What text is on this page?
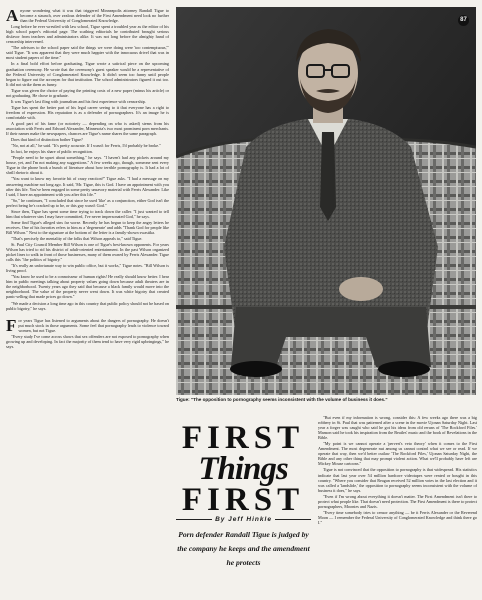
Anyone wondering what it was that triggered Minneapolis attorney Randall Tigue to become a staunch, over zealous defender of the First Amendment need look no further than the Federal University of Conglomerated Knowledge.

Long before he ever wrestled with law school, Tigue spent a troubled year as the editor of his high school paper's editorial page. The scathing editorials he contributed brought serious disfavor from teachers and administrators alike. It was not long before the almighty hand of censorship intervened.

"The advisors to the school paper said the things we were doing were 'too contemptuous,'" said Tigue. "It was apparent that they were much happier with the innocuous drivel that was in most student papers of the time."

In a final bold effort before graduating, Tigue wrote a satirical piece on the upcoming graduation ceremony. He wrote that the ceremony's guest speaker would be a representative of the Federal University of Conglomerated Knowledge. It didn't seem too funny until people began to figure out the acronym for that institution. The school administrators figured it out too. It did not strike them as funny.

Tigue was given the choice of paying the printing costs of a new paper (minus his article) or not graduating. He chose to graduate.

It was Tigue's last fling with journalism and his first experience with censorship.

Tigue has spent the better part of his legal career seeing to it that everyone has a right to freedom of expression. His reputation is as a defender of pornographers. It's an image he is comfortable with.

A good part of his fame (or notoriety — depending on who is asked) stems from his association with Ferris and Edward Alexander, Minnesota's two most prominent porn merchants. If their names make the newspapers, chances are Tigue's name shares the same paragraph.

Does that kind of distinction bother Tigue?

"No, not at all," he said. "It's pretty accurate. If I wasn't for Ferris, I'd probably be broke."

In fact, he enjoys his share of public recognition.

"People need to be upset about something," he says. "I haven't had any pickets around my house, yet, and I'm not making any suggestions." A few weeks ago, though, someone sent every Tigue in the phone book a bunch of literature about how terrible pornography is. It had a lot of shrill rhetoric about it.

"You want to know my favorite bit of crazy reaction?" Tigue asks. "I had a message on my answering machine not long ago. It said, 'Mr. Tigue, this is God. I have an appointment with you after this life. You've been engaged in some pretty unsavory material with Ferris Alexander. Like I said, I have an appointment with you after this life.'"

"So," he continues, "I concluded that since he used 'like' as a conjunction, either God isn't the perfect being he's cracked up to be, or this guy wasn't God."

Since then, Tigue has spent some time trying to track down the caller. "I just wanted to tell him that whatever sins I may have committed, I've never impersonated God," he says.

Some find Tigue's alleged sins far worse. Recently he has begun to keep the angry letters he receives. One of his favorites refers to him as a 'degenerate' and adds "Thank God for people like Bill Wilson." Next to the signature at the bottom of the letter is a family-shown swastika.

"That's precisely the mentality of the folks that Wilson appeals to," said Tigue.

St. Paul City Council Member Bill Wilson is one of Tigue's best-known opponents. For years Wilson has tried to rid his district of adult-oriented entertainment. In the past Wilson organized picket lines to walk in front of those businesses, many of them owned by Ferris Alexander. Tigue calls this "the politics of bigotry."

"It's really an unfortunate way to win public office, but it works," Tigue notes. "Bill Wilson is living proof.

"You know he used to be a connoisseur of human rights! He really should know better. I hear him in public meetings talking about property values going down because adult theaters are in the neighborhood. Twenty years ago they said that because a black family would move into the neighborhood. The value of the property never went down. It was white bigotry that created panic-selling that made prices go down."

"We made a decision a long time ago in this country that public policy should not be based on public bigotry," he says.

For years Tigue has listened to arguments about the dangers of pornography. He doesn't put much stock in those arguments. Some feel that pornography leads to violence toward women, but not Tigue.

"Every study I've come across shows that sex offenders are not exposed to pornography when growing up and developing. In fact the majority of them tend to have very rigid upbringings," he says.

87
Tigue: "The opposition to pornography seems inconsistent with the volume of business it does."
FIRST
Things
FIRST
By Jeff Hinkle
Porn defender Randall Tigue is judged by the company he keeps and the amendment he protects

"But even if my information is wrong, consider this: A few weeks ago there was a big robbery in St. Paul that was patterned after a scene in the movie Ujonan Saturday Night. Last year a forger was caught who said he got his ideas from old reruns of 'The Rockford Files.' Manson said he took his inspiration from the Beatles' music and the book of Revelations in the Bible.

"My point is we cannot operate a 'pervert's veto theory' when it comes to the First Amendment. The most degenerate nut among us cannot control what we see or read. If we operate that way, then we'd better outlaw 'The Rockford Files,' Ujonan Saturday Night, the Bible and any other thing that may prompt violent action. What we'll probably have left are Mickey Mouse cartoons."

Tigue is not convinced that the opposition to pornography is that widespread. His statistics indicate that last year over 54 million hardcore videotapes were rented or bought in this country. "Where you consider that Reagan received 52 million votes in the last election and it was called a 'landslide,' the opposition to pornography seems inconsistent with the volume of business it does," he says.

"Even if I'm wrong about everything it doesn't matter. The First Amendment isn't there to protect what people like. That doesn't need protection. The First Amendment is there to protect pornographers, Moonies and Nazis.

"Every time somebody tries to censor anything — be it Ferris Alexander or the Reverend Moon — I remember the Federal University of Conglomerated Knowledge and think there go I."
